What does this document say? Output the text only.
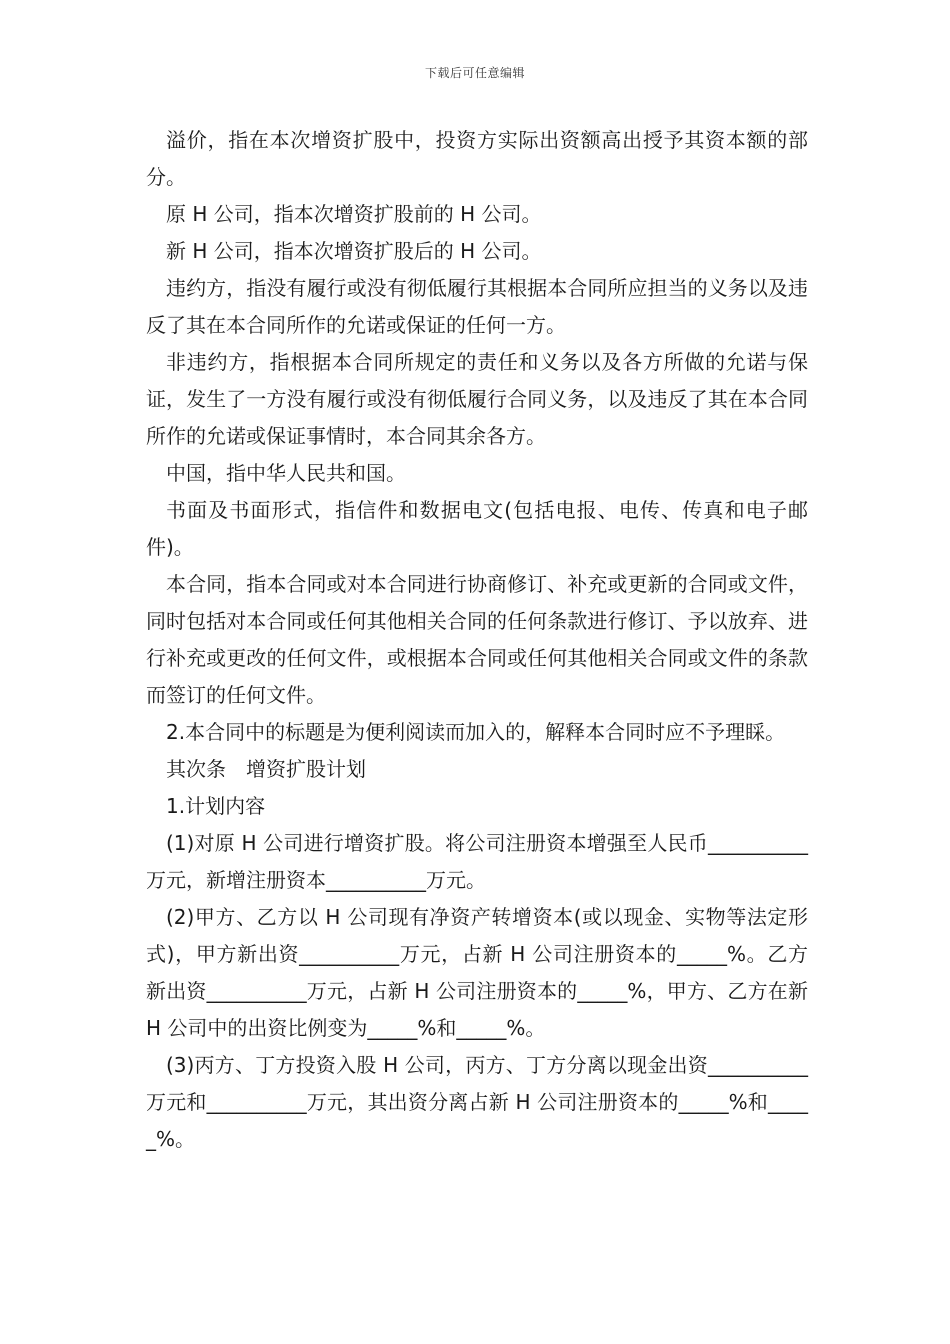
下载后可任意编辑

溢价，指在本次增资扩股中，投资方实际出资额高出授予其资本额的部分。

原 H 公司，指本次增资扩股前的 H 公司。

新 H 公司，指本次增资扩股后的 H 公司。

违约方，指没有履行或没有彻低履行其根据本合同所应担当的义务以及违反了其在本合同所作的允诺或保证的任何一方。

非违约方，指根据本合同所规定的责任和义务以及各方所做的允诺与保证，发生了一方没有履行或没有彻低履行合同义务，以及违反了其在本合同所作的允诺或保证事情时，本合同其余各方。

中国，指中华人民共和国。

书面及书面形式，指信件和数据电文(包括电报、电传、传真和电子邮件)。

本合同，指本合同或对本合同进行协商修订、补充或更新的合同或文件，同时包括对本合同或任何其他相关合同的任何条款进行修订、予以放弃、进行补充或更改的任何文件，或根据本合同或任何其他相关合同或文件的条款而签订的任何文件。

2.本合同中的标题是为便利阅读而加入的，解释本合同时应不予理睬。

其次条　增资扩股计划

1.计划内容

(1)对原 H 公司进行增资扩股。将公司注册资本增强至人民币__________万元，新增注册资本__________万元。

(2)甲方、乙方以 H 公司现有净资产转增资本(或以现金、实物等法定形式)，甲方新出资__________万元，占新 H 公司注册资本的_____%。乙方新出资__________万元，占新 H 公司注册资本的_____%，甲方、乙方在新 H 公司中的出资比例变为_____%和_____%。

(3)丙方、丁方投资入股 H 公司，丙方、丁方分离以现金出资__________万元和__________万元，其出资分离占新 H 公司注册资本的_____%和_____%。
